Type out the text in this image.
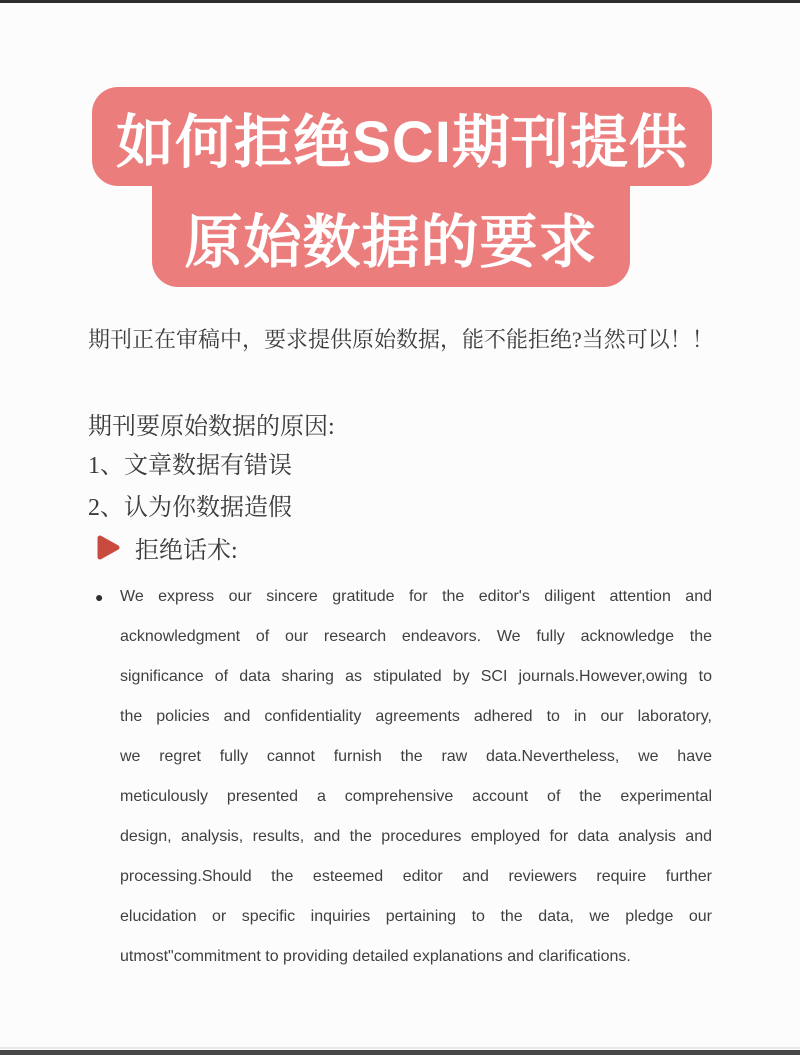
如何拒绝SCI期刊提供
原始数据的要求

期刊正在审稿中，要求提供原始数据，能不能拒绝?当然可以！！

期刊要原始数据的原因:

1、文章数据有错误

2、认为你数据造假

拒绝话术:
●	We express our sincere gratitude for the editor's diligent attention and
acknowledgment of our research endeavors. We fully acknowledge the
significance of data sharing as stipulated by SCI journals.However,owing to
the policies and confidentiality agreements adhered to in our laboratory,
we regret fully cannot furnish the raw data.Nevertheless, we have
meticulously presented a comprehensive account of the experimental
design, analysis, results, and the procedures employed for data analysis and
processing.Should the esteemed editor and reviewers require further
elucidation or specific inquiries pertaining to the data, we pledge our
utmost"commitment to providing detailed explanations and clarifications.
